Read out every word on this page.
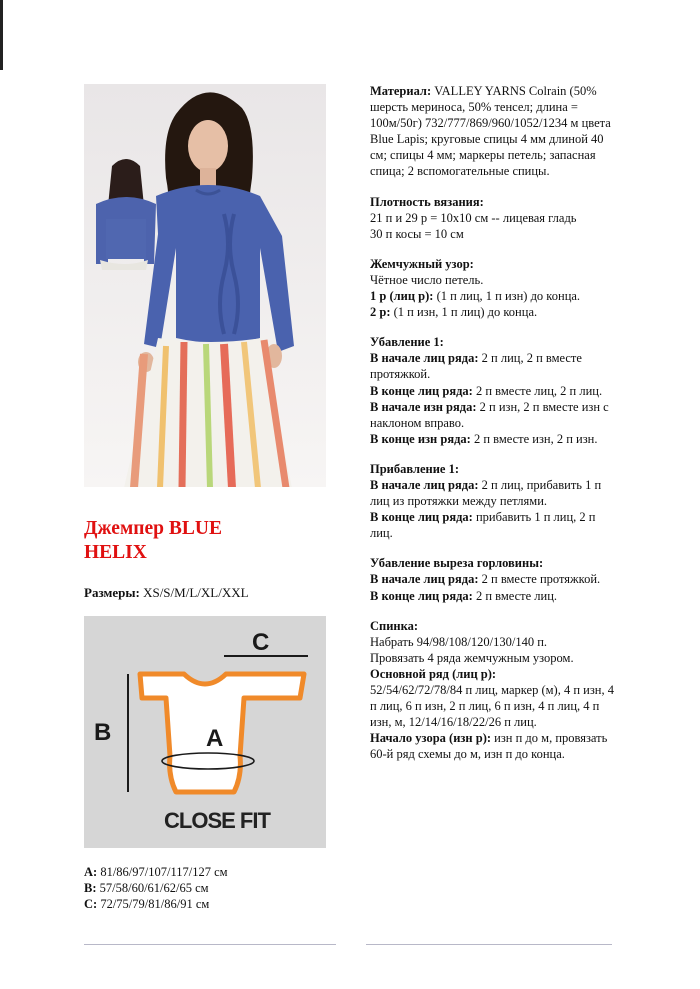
Джемпер BLUE
HELIX
Размеры: XS/S/M/L/XL/XXL
C
B	A
CLOSE FIT
A: 81/86/97/107/117/127 см
B: 57/58/60/61/62/65 см
C: 72/75/79/81/86/91 см

Материал: VALLEY YARNS Colrain (50% шерсть мериноса, 50% тенсел; длина = 100м/50г) 732/777/869/960/1052/1234 м цвета Blue Lapis; круговые спицы 4 мм длиной 40 см; спицы 4 мм; маркеры петель; запасная спица; 2 вспомогательные спицы.

Плотность вязания:

21 п и 29 р = 10х10 см -- лицевая гладь

30 п косы = 10 см

Жемчужный узор:

Чётное число петель.

1 р (лиц р): (1 п лиц, 1 п изн) до конца.

2 р: (1 п изн, 1 п лиц) до конца.

Убавление 1:

В начале лиц ряда: 2 п лиц, 2 п вместе протяжкой.

В конце лиц ряда: 2 п вместе лиц, 2 п лиц.

В начале изн ряда: 2 п изн, 2 п вместе изн с наклоном вправо.

В конце изн ряда: 2 п вместе изн, 2 п изн.

Прибавление 1:

В начале лиц ряда: 2 п лиц, прибавить 1 п лиц из протяжки между петлями.

В конце лиц ряда: прибавить 1 п лиц, 2 п лиц.

Убавление выреза горловины:

В начале лиц ряда: 2 п вместе протяжкой.

В конце лиц ряда: 2 п вместе лиц.

Спинка:

Набрать 94/98/108/120/130/140 п.

Провязать 4 ряда жемчужным узором.

Основной ряд (лиц р):

52/54/62/72/78/84 п лиц, маркер (м), 4 п изн, 4 п лиц, 6 п изн, 2 п лиц, 6 п изн, 4 п лиц, 4 п изн, м, 12/14/16/18/22/26 п лиц.

Начало узора (изн р): изн п до м, провязать 60-й ряд схемы до м, изн п до конца.
